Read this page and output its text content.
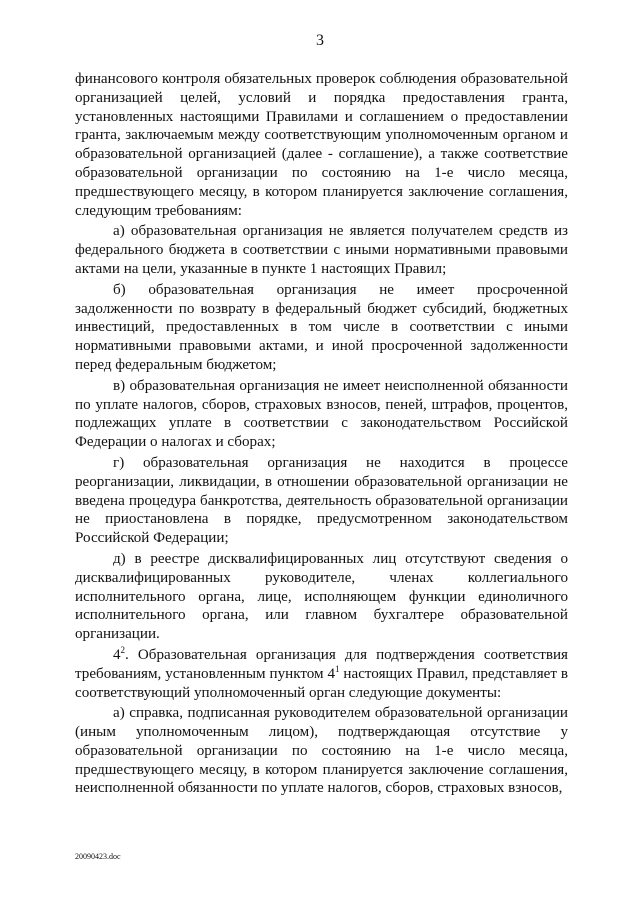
3

финансового контроля обязательных проверок соблюдения образовательной организацией целей, условий и порядка предоставления гранта, установленных настоящими Правилами и соглашением о предоставлении гранта, заключаемым между соответствующим уполномоченным органом и образовательной организацией (далее - соглашение), а также соответствие образовательной организации по состоянию на 1-е число месяца, предшествующего месяцу, в котором планируется заключение соглашения, следующим требованиям:

а) образовательная организация не является получателем средств из федерального бюджета в соответствии с иными нормативными правовыми актами на цели, указанные в пункте 1 настоящих Правил;

б) образовательная организация не имеет просроченной задолженности по возврату в федеральный бюджет субсидий, бюджетных инвестиций, предоставленных в том числе в соответствии с иными нормативными правовыми актами, и иной просроченной задолженности перед федеральным бюджетом;

в) образовательная организация не имеет неисполненной обязанности по уплате налогов, сборов, страховых взносов, пеней, штрафов, процентов, подлежащих уплате в соответствии с законодательством Российской Федерации о налогах и сборах;

г) образовательная организация не находится в процессе реорганизации, ликвидации, в отношении образовательной организации не введена процедура банкротства, деятельность образовательной организации не приостановлена в порядке, предусмотренном законодательством Российской Федерации;

д) в реестре дисквалифицированных лиц отсутствуют сведения о дисквалифицированных руководителе, членах коллегиального исполнительного органа, лице, исполняющем функции единоличного исполнительного органа, или главном бухгалтере образовательной организации.

$4^2$. Образовательная организация для подтверждения соответствия требованиям, установленным пунктом $4^1$ настоящих Правил, представляет в соответствующий уполномоченный орган следующие документы:

а) справка, подписанная руководителем образовательной организации (иным уполномоченным лицом), подтверждающая отсутствие у образовательной организации по состоянию на 1-е число месяца, предшествующего месяцу, в котором планируется заключение соглашения, неисполненной обязанности по уплате налогов, сборов, страховых взносов,

20090423.doc
